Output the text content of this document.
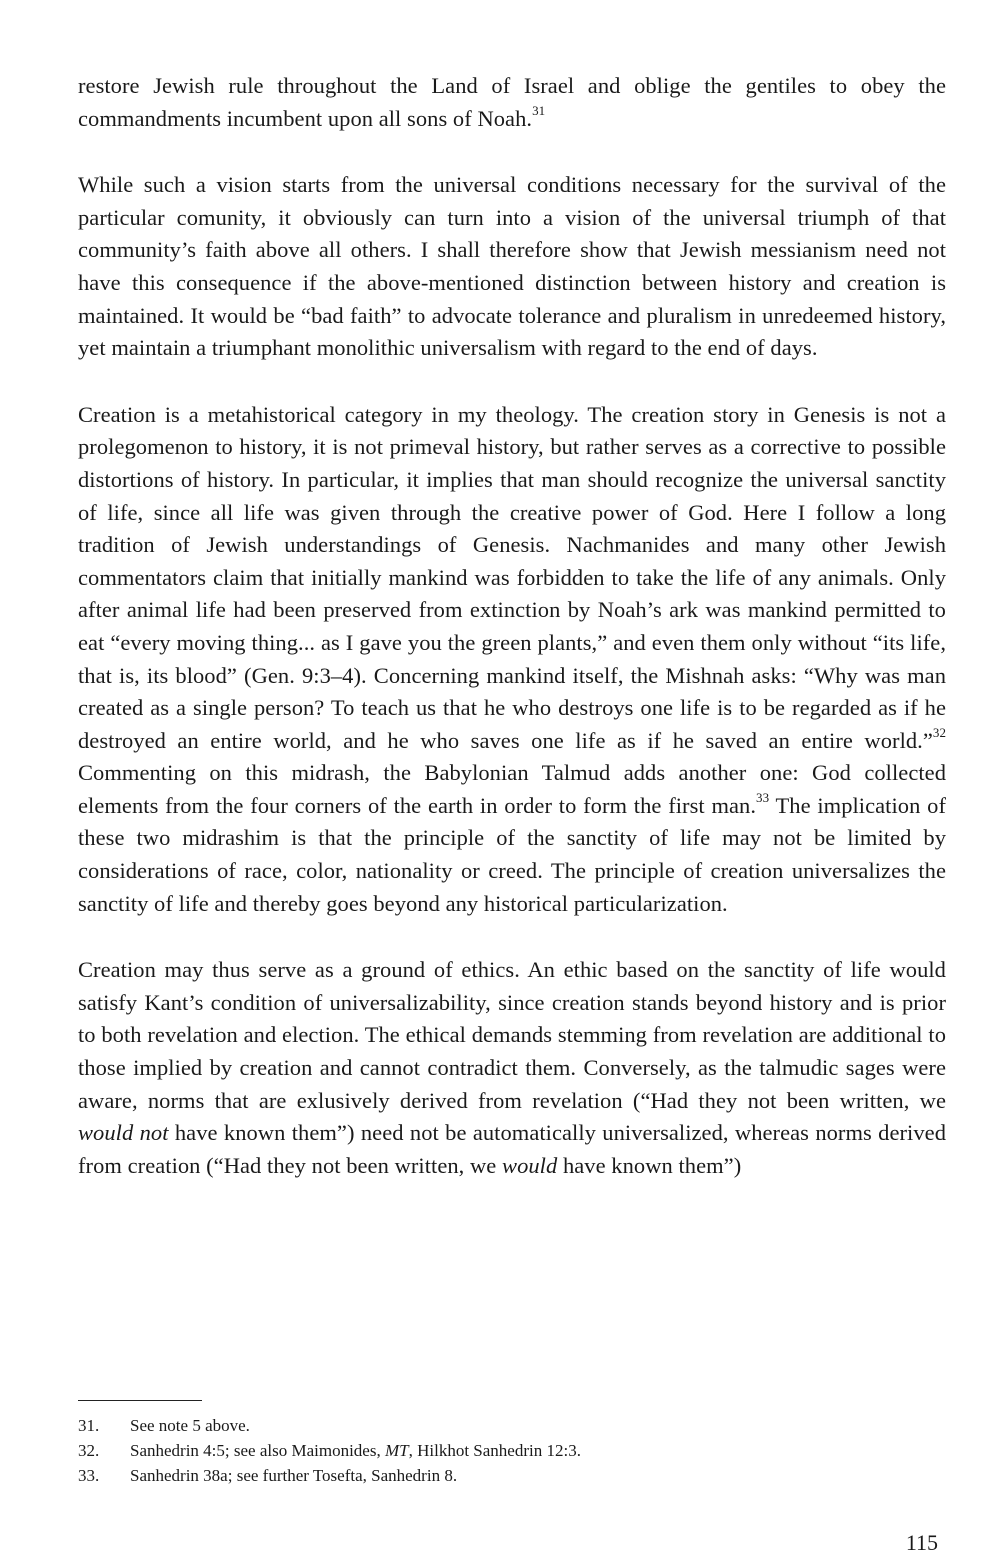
restore Jewish rule throughout the Land of Israel and oblige the gentiles to obey the commandments incumbent upon all sons of Noah.$^{31}$

While such a vision starts from the universal conditions necessary for the survival of the particular comunity, it obviously can turn into a vision of the universal triumph of that community’s faith above all others. I shall therefore show that Jewish messianism need not have this consequence if the above-mentioned distinction between history and creation is maintained. It would be “bad faith” to advocate tolerance and pluralism in unredeemed history, yet maintain a triumphant monolithic universalism with regard to the end of days.

Creation is a metahistorical category in my theology. The creation story in Genesis is not a prolegomenon to history, it is not primeval history, but rather serves as a corrective to possible distortions of history. In particular, it implies that man should recognize the universal sanctity of life, since all life was given through the creative power of God. Here I follow a long tradition of Jewish understandings of Genesis. Nachmanides and many other Jewish commentators claim that initially mankind was forbidden to take the life of any animals. Only after animal life had been preserved from extinction by Noah’s ark was mankind permitted to eat “every moving thing... as I gave you the green plants,” and even them only without “its life, that is, its blood” (Gen. 9:3–4). Concerning mankind itself, the Mishnah asks: “Why was man created as a single person? To teach us that he who destroys one life is to be regarded as if he destroyed an entire world, and he who saves one life as if he saved an entire world.”$^{32}$ Commenting on this midrash, the Babylonian Talmud adds another one: God collected elements from the four corners of the earth in order to form the first man.$^{33}$ The implication of these two midrashim is that the principle of the sanctity of life may not be limited by considerations of race, color, nationality or creed. The principle of creation universalizes the sanctity of life and thereby goes beyond any historical particularization.

Creation may thus serve as a ground of ethics. An ethic based on the sanctity of life would satisfy Kant’s condition of universalizability, since creation stands beyond history and is prior to both revelation and election. The ethical demands stemming from revelation are additional to those implied by creation and cannot contradict them. Conversely, as the talmudic sages were aware, norms that are exlusively derived from revelation (“Had they not been written, we would not have known them”) need not be automatically universalized, whereas norms derived from creation (“Had they not been written, we would have known them”)

31.	See note 5 above.
32.	Sanhedrin 4:5; see also Maimonides, MT, Hilkhot Sanhedrin 12:3.
33.	Sanhedrin 38a; see further Tosefta, Sanhedrin 8.
115
